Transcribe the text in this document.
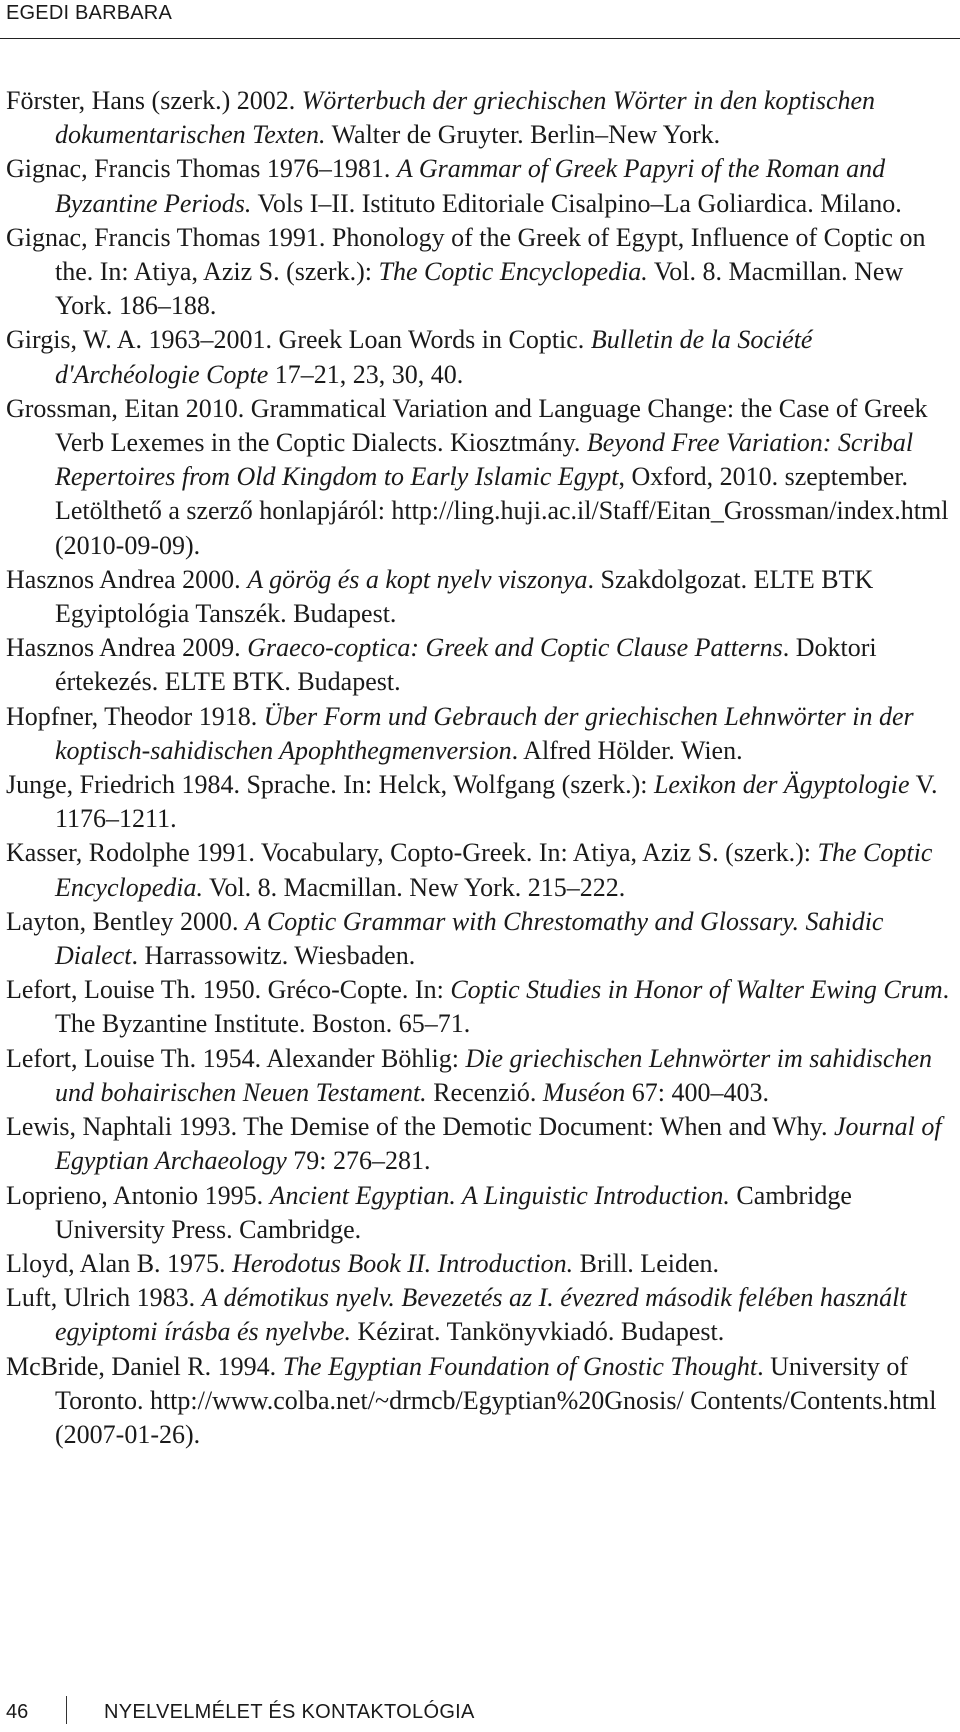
EGEDI BARBARA

Förster, Hans (szerk.) 2002. Wörterbuch der griechischen Wörter in den koptischen dokumentarischen Texten. Walter de Gruyter. Berlin–New York.

Gignac, Francis Thomas 1976–1981. A Grammar of Greek Papyri of the Roman and Byzantine Periods. Vols I–II. Istituto Editoriale Cisalpino–La Goliardica. Milano.

Gignac, Francis Thomas 1991. Phonology of the Greek of Egypt, Influence of Coptic on the. In: Atiya, Aziz S. (szerk.): The Coptic Encyclopedia. Vol. 8. Macmillan. New York. 186–188.

Girgis, W. A. 1963–2001. Greek Loan Words in Coptic. Bulletin de la Société d'Archéologie Copte 17–21, 23, 30, 40.

Grossman, Eitan 2010. Grammatical Variation and Language Change: the Case of Greek Verb Lexemes in the Coptic Dialects. Kiosztmány. Beyond Free Variation: Scribal Repertoires from Old Kingdom to Early Islamic Egypt, Oxford, 2010. szeptember. Letölthető a szerző honlapjáról: http://ling.huji.ac.il/Staff/Eitan_Grossman/index.html (2010-09-09).

Hasznos Andrea 2000. A görög és a kopt nyelv viszonya. Szakdolgozat. ELTE BTK Egyiptológia Tanszék. Budapest.

Hasznos Andrea 2009. Graeco-coptica: Greek and Coptic Clause Patterns. Doktori értekezés. ELTE BTK. Budapest.

Hopfner, Theodor 1918. Über Form und Gebrauch der griechischen Lehnwörter in der koptisch-sahidischen Apophthegmenversion. Alfred Hölder. Wien.

Junge, Friedrich 1984. Sprache. In: Helck, Wolfgang (szerk.): Lexikon der Ägyptologie V. 1176–1211.

Kasser, Rodolphe 1991. Vocabulary, Copto-Greek. In: Atiya, Aziz S. (szerk.): The Coptic Encyclopedia. Vol. 8. Macmillan. New York. 215–222.

Layton, Bentley 2000. A Coptic Grammar with Chrestomathy and Glossary. Sahidic Dialect. Harrassowitz. Wiesbaden.

Lefort, Louise Th. 1950. Gréco-Copte. In: Coptic Studies in Honor of Walter Ewing Crum. The Byzantine Institute. Boston. 65–71.

Lefort, Louise Th. 1954. Alexander Böhlig: Die griechischen Lehnwörter im sahidischen und bohairischen Neuen Testament. Recenzió. Muséon 67: 400–403.

Lewis, Naphtali 1993. The Demise of the Demotic Document: When and Why. Journal of Egyptian Archaeology 79: 276–281.

Loprieno, Antonio 1995. Ancient Egyptian. A Linguistic Introduction. Cambridge University Press. Cambridge.

Lloyd, Alan B. 1975. Herodotus Book II. Introduction. Brill. Leiden.

Luft, Ulrich 1983. A démotikus nyelv. Bevezetés az I. évezred második felében használt egyiptomi írásba és nyelvbe. Kézirat. Tankönyvkiadó. Budapest.

McBride, Daniel R. 1994. The Egyptian Foundation of Gnostic Thought. University of Toronto. http://www.colba.net/~drmcb/Egyptian%20Gnosis/ Contents/Contents.html (2007-01-26).

46	NYELVELMÉLET ÉS KONTAKTOLÓGIA
